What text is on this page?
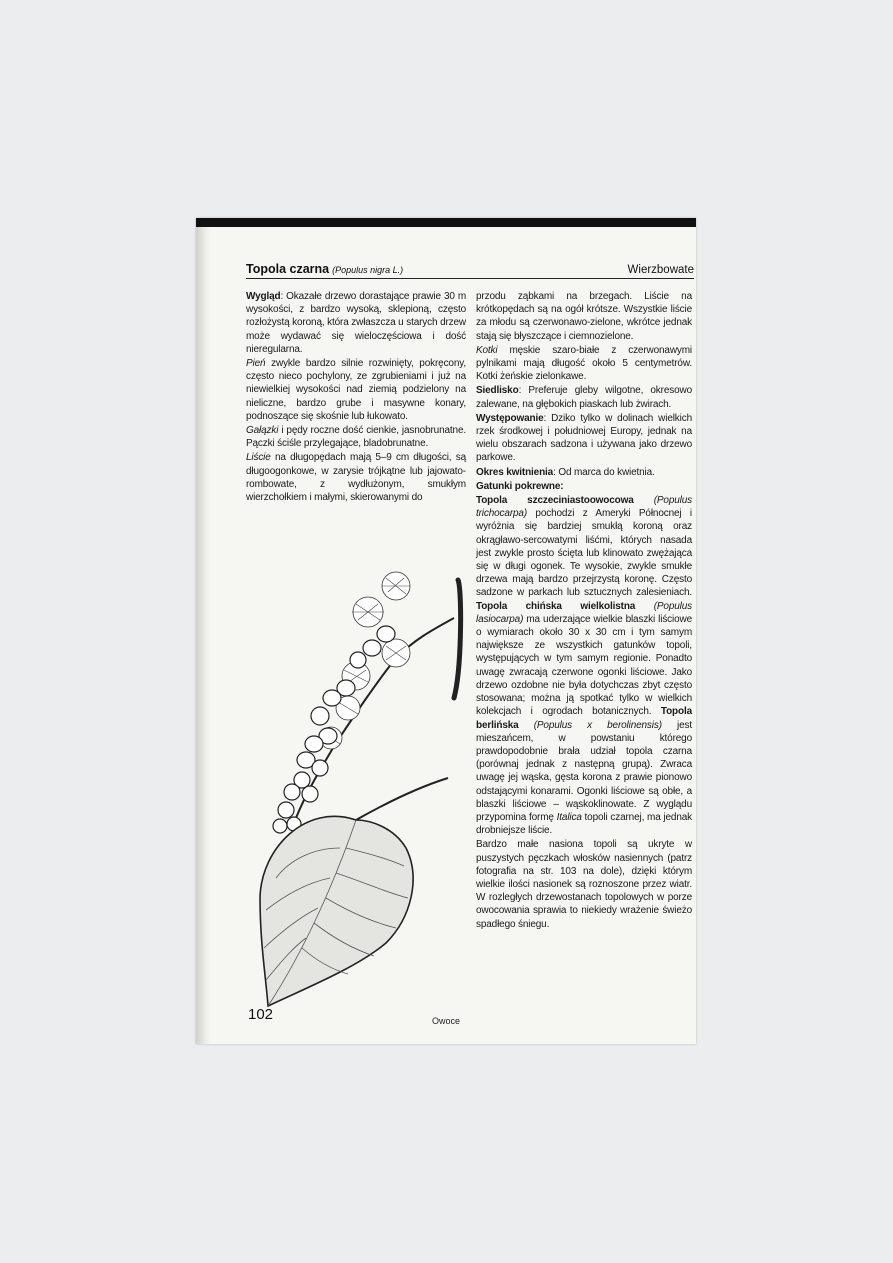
Topola czarna (Populus nigra L.)	Wierzbowate

Wygląd: Okazałe drzewo dorastające prawie 30 m wysokości, z bardzo wysoką, sklepioną, często rozłożystą koroną, która zwłaszcza u starych drzew może wydawać się wieloczęściowa i dość nieregularna.

Pień zwykle bardzo silnie rozwinięty, pokręcony, często nieco pochylony, ze zgrubieniami i już na niewielkiej wysokości nad ziemią podzielony na nieliczne, bardzo grube i masywne konary, podnoszące się skośnie lub łukowato.

Gałązki i pędy roczne dość cienkie, jasnobrunatne. Pączki ściśle przylegające, bladobrunatne.

Liście na długopędach mają 5–9 cm długości, są długoogonkowe, w zarysie trójkątne lub jajowato-rombowate, z wydłużonym, smukłym wierzchołkiem i małymi, skierowanymi do

Owoce

przodu ząbkami na brzegach. Liście na krótkopędach są na ogół krótsze. Wszystkie liście za młodu są czerwonawo-zielone, wkrótce jednak stają się błyszczące i ciemnozielone.

Kotki męskie szaro-białe z czerwonawymi pylnikami mają długość około 5 centymetrów. Kotki żeńskie zielonkawe.

Siedlisko: Preferuje gleby wilgotne, okresowo zalewane, na głębokich piaskach lub żwirach.

Występowanie: Dziko tylko w dolinach wielkich rzek środkowej i południowej Europy, jednak na wielu obszarach sadzona i używana jako drzewo parkowe.

Okres kwitnienia: Od marca do kwietnia.

Gatunki pokrewne:

Topola szczeciniastoowocowa (Populus trichocarpa) pochodzi z Ameryki Północnej i wyróżnia się bardziej smukłą koroną oraz okrągławo-sercowatymi liśćmi, których nasada jest zwykle prosto ścięta lub klinowato zwężająca się w długi ogonek. Te wysokie, zwykle smukłe drzewa mają bardzo przejrzystą koronę. Często sadzone w parkach lub sztucznych zalesieniach. Topola chińska wielkolistna (Populus lasiocarpa) ma uderzające wielkie blaszki liściowe o wymiarach około 30 x 30 cm i tym samym największe ze wszystkich gatunków topoli, występujących w tym samym regionie. Ponadto uwagę zwracają czerwone ogonki liściowe. Jako drzewo ozdobne nie była dotychczas zbyt często stosowana; można ją spotkać tylko w wielkich kolekcjach i ogrodach botanicznych. Topola berlińska (Populus x berolinensis) jest mieszańcem, w powstaniu którego prawdopodobnie brała udział topola czarna (porównaj jednak z następną grupą). Zwraca uwagę jej wąska, gęsta korona z prawie pionowo odstającymi konarami. Ogonki liściowe są obłe, a blaszki liściowe – wąskoklinowate. Z wyglądu przypomina formę Italica topoli czarnej, ma jednak drobniejsze liście.

Bardzo małe nasiona topoli są ukryte w puszystych pęczkach włosków nasiennych (patrz fotografia na str. 103 na dole), dzięki którym wielkie ilości nasionek są roznoszone przez wiatr. W rozległych drzewostanach topolowych w porze owocowania sprawia to niekiedy wrażenie świeżo spadłego śniegu.

102
